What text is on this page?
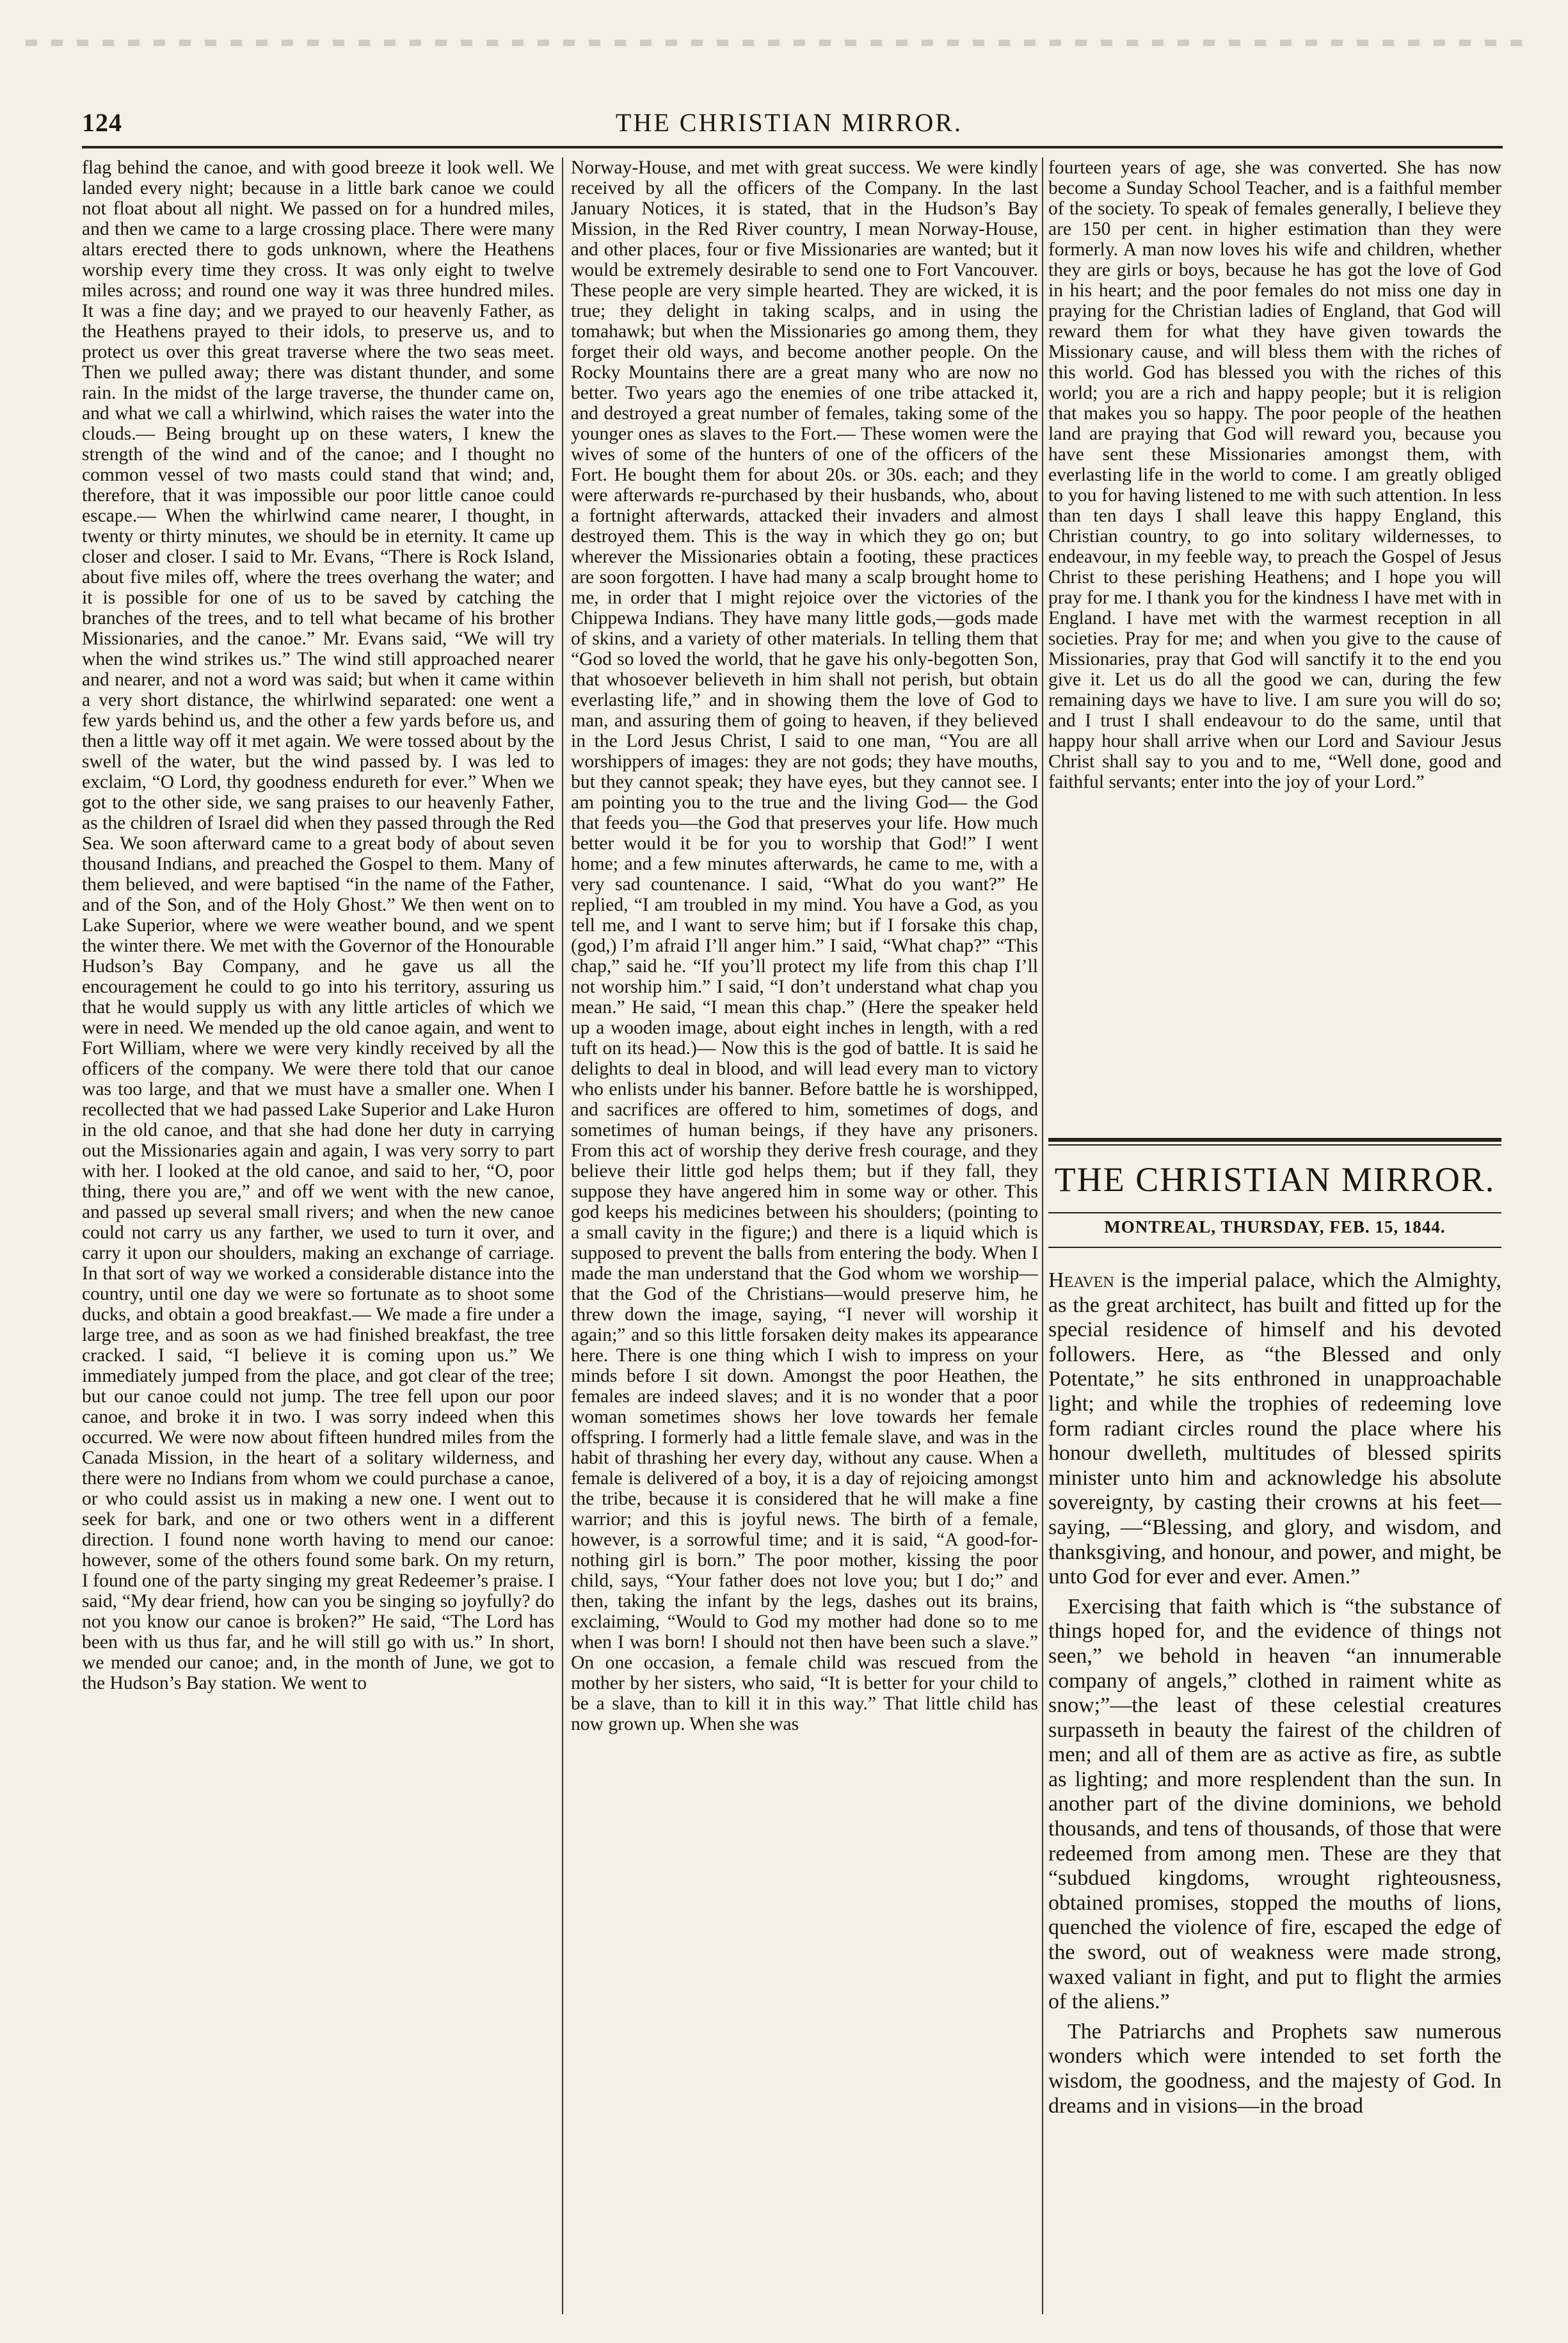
124	THE CHRISTIAN MIRROR.

flag behind the canoe, and with good breeze it look well. We landed every night; because in a little bark canoe we could not float about all night. We passed on for a hundred miles, and then we came to a large crossing place. There were many altars erected there to gods unknown, where the Heathens worship every time they cross. It was only eight to twelve miles across; and round one way it was three hundred miles. It was a fine day; and we prayed to our heavenly Father, as the Heathens prayed to their idols, to preserve us, and to protect us over this great traverse where the two seas meet. Then we pulled away; there was distant thunder, and some rain. In the midst of the large traverse, the thunder came on, and what we call a whirlwind, which raises the water into the clouds.— Being brought up on these waters, I knew the strength of the wind and of the canoe; and I thought no common vessel of two masts could stand that wind; and, therefore, that it was impossible our poor little canoe could escape.— When the whirlwind came nearer, I thought, in twenty or thirty minutes, we should be in eternity. It came up closer and closer. I said to Mr. Evans, “There is Rock Island, about five miles off, where the trees overhang the water; and it is possible for one of us to be saved by catching the branches of the trees, and to tell what became of his brother Missionaries, and the canoe.” Mr. Evans said, “We will try when the wind strikes us.” The wind still approached nearer and nearer, and not a word was said; but when it came within a very short distance, the whirlwind separated: one went a few yards behind us, and the other a few yards before us, and then a little way off it met again. We were tossed about by the swell of the water, but the wind passed by. I was led to exclaim, “O Lord, thy goodness endureth for ever.” When we got to the other side, we sang praises to our heavenly Father, as the children of Israel did when they passed through the Red Sea. We soon afterward came to a great body of about seven thousand Indians, and preached the Gospel to them. Many of them believed, and were baptised “in the name of the Father, and of the Son, and of the Holy Ghost.” We then went on to Lake Superior, where we were weather bound, and we spent the winter there. We met with the Governor of the Honourable Hudson’s Bay Company, and he gave us all the encouragement he could to go into his territory, assuring us that he would supply us with any little articles of which we were in need. We mended up the old canoe again, and went to Fort William, where we were very kindly received by all the officers of the company. We were there told that our canoe was too large, and that we must have a smaller one. When I recollected that we had passed Lake Superior and Lake Huron in the old canoe, and that she had done her duty in carrying out the Missionaries again and again, I was very sorry to part with her. I looked at the old canoe, and said to her, “O, poor thing, there you are,” and off we went with the new canoe, and passed up several small rivers; and when the new canoe could not carry us any farther, we used to turn it over, and carry it upon our shoulders, making an exchange of carriage. In that sort of way we worked a considerable distance into the country, until one day we were so fortunate as to shoot some ducks, and obtain a good breakfast.— We made a fire under a large tree, and as soon as we had finished breakfast, the tree cracked. I said, “I believe it is coming upon us.” We immediately jumped from the place, and got clear of the tree; but our canoe could not jump. The tree fell upon our poor canoe, and broke it in two. I was sorry indeed when this occurred. We were now about fifteen hundred miles from the Canada Mission, in the heart of a solitary wilderness, and there were no Indians from whom we could purchase a canoe, or who could assist us in making a new one. I went out to seek for bark, and one or two others went in a different direction. I found none worth having to mend our canoe: however, some of the others found some bark. On my return, I found one of the party singing my great Redeemer’s praise. I said, “My dear friend, how can you be singing so joyfully? do not you know our canoe is broken?” He said, “The Lord has been with us thus far, and he will still go with us.” In short, we mended our canoe; and, in the month of June, we got to the Hudson’s Bay station. We went to

Norway-House, and met with great success. We were kindly received by all the officers of the Company. In the last January Notices, it is stated, that in the Hudson’s Bay Mission, in the Red River country, I mean Norway-House, and other places, four or five Missionaries are wanted; but it would be extremely desirable to send one to Fort Vancouver. These people are very simple hearted. They are wicked, it is true; they delight in taking scalps, and in using the tomahawk; but when the Missionaries go among them, they forget their old ways, and become another people. On the Rocky Mountains there are a great many who are now no better. Two years ago the enemies of one tribe attacked it, and destroyed a great number of females, taking some of the younger ones as slaves to the Fort.— These women were the wives of some of the hunters of one of the officers of the Fort. He bought them for about 20s. or 30s. each; and they were afterwards re-purchased by their husbands, who, about a fortnight afterwards, attacked their invaders and almost destroyed them. This is the way in which they go on; but wherever the Missionaries obtain a footing, these practices are soon forgotten. I have had many a scalp brought home to me, in order that I might rejoice over the victories of the Chippewa Indians. They have many little gods,—gods made of skins, and a variety of other materials. In telling them that “God so loved the world, that he gave his only-begotten Son, that whosoever believeth in him shall not perish, but obtain everlasting life,” and in showing them the love of God to man, and assuring them of going to heaven, if they believed in the Lord Jesus Christ, I said to one man, “You are all worshippers of images: they are not gods; they have mouths, but they cannot speak; they have eyes, but they cannot see. I am pointing you to the true and the living God— the God that feeds you—the God that preserves your life. How much better would it be for you to worship that God!” I went home; and a few minutes afterwards, he came to me, with a very sad countenance. I said, “What do you want?” He replied, “I am troubled in my mind. You have a God, as you tell me, and I want to serve him; but if I forsake this chap, (god,) I’m afraid I’ll anger him.” I said, “What chap?” “This chap,” said he. “If you’ll protect my life from this chap I’ll not worship him.” I said, “I don’t understand what chap you mean.” He said, “I mean this chap.” (Here the speaker held up a wooden image, about eight inches in length, with a red tuft on its head.)— Now this is the god of battle. It is said he delights to deal in blood, and will lead every man to victory who enlists under his banner. Before battle he is worshipped, and sacrifices are offered to him, sometimes of dogs, and sometimes of human beings, if they have any prisoners. From this act of worship they derive fresh courage, and they believe their little god helps them; but if they fall, they suppose they have angered him in some way or other. This god keeps his medicines between his shoulders; (pointing to a small cavity in the figure;) and there is a liquid which is supposed to prevent the balls from entering the body. When I made the man understand that the God whom we worship—that the God of the Christians—would preserve him, he threw down the image, saying, “I never will worship it again;” and so this little forsaken deity makes its appearance here. There is one thing which I wish to impress on your minds before I sit down. Amongst the poor Heathen, the females are indeed slaves; and it is no wonder that a poor woman sometimes shows her love towards her female offspring. I formerly had a little female slave, and was in the habit of thrashing her every day, without any cause. When a female is delivered of a boy, it is a day of rejoicing amongst the tribe, because it is considered that he will make a fine warrior; and this is joyful news. The birth of a female, however, is a sorrowful time; and it is said, “A good-for-nothing girl is born.” The poor mother, kissing the poor child, says, “Your father does not love you; but I do;” and then, taking the infant by the legs, dashes out its brains, exclaiming, “Would to God my mother had done so to me when I was born! I should not then have been such a slave.” On one occasion, a female child was rescued from the mother by her sisters, who said, “It is better for your child to be a slave, than to kill it in this way.” That little child has now grown up. When she was

fourteen years of age, she was converted. She has now become a Sunday School Teacher, and is a faithful member of the society. To speak of females generally, I believe they are 150 per cent. in higher estimation than they were formerly. A man now loves his wife and children, whether they are girls or boys, because he has got the love of God in his heart; and the poor females do not miss one day in praying for the Christian ladies of England, that God will reward them for what they have given towards the Missionary cause, and will bless them with the riches of this world. God has blessed you with the riches of this world; you are a rich and happy people; but it is religion that makes you so happy. The poor people of the heathen land are praying that God will reward you, because you have sent these Missionaries amongst them, with everlasting life in the world to come. I am greatly obliged to you for having listened to me with such attention. In less than ten days I shall leave this happy England, this Christian country, to go into solitary wildernesses, to endeavour, in my feeble way, to preach the Gospel of Jesus Christ to these perishing Heathens; and I hope you will pray for me. I thank you for the kindness I have met with in England. I have met with the warmest reception in all societies. Pray for me; and when you give to the cause of Missionaries, pray that God will sanctify it to the end you give it. Let us do all the good we can, during the few remaining days we have to live. I am sure you will do so; and I trust I shall endeavour to do the same, until that happy hour shall arrive when our Lord and Saviour Jesus Christ shall say to you and to me, “Well done, good and faithful servants; enter into the joy of your Lord.”

THE CHRISTIAN MIRROR.
MONTREAL, THURSDAY, FEB. 15, 1844.

Heaven is the imperial palace, which the Almighty, as the great architect, has built and fitted up for the special residence of himself and his devoted followers. Here, as “the Blessed and only Potentate,” he sits enthroned in unapproachable light; and while the trophies of redeeming love form radiant circles round the place where his honour dwelleth, multitudes of blessed spirits minister unto him and acknowledge his absolute sovereignty, by casting their crowns at his feet—saying, —“Blessing, and glory, and wisdom, and thanksgiving, and honour, and power, and might, be unto God for ever and ever. Amen.”

Exercising that faith which is “the substance of things hoped for, and the evidence of things not seen,” we behold in heaven “an innumerable company of angels,” clothed in raiment white as snow;”—the least of these celestial creatures surpasseth in beauty the fairest of the children of men; and all of them are as active as fire, as subtle as lighting; and more resplendent than the sun. In another part of the divine dominions, we behold thousands, and tens of thousands, of those that were redeemed from among men. These are they that “subdued kingdoms, wrought righteousness, obtained promises, stopped the mouths of lions, quenched the violence of fire, escaped the edge of the sword, out of weakness were made strong, waxed valiant in fight, and put to flight the armies of the aliens.”

The Patriarchs and Prophets saw numerous wonders which were intended to set forth the wisdom, the goodness, and the majesty of God. In dreams and in visions—in the broad
